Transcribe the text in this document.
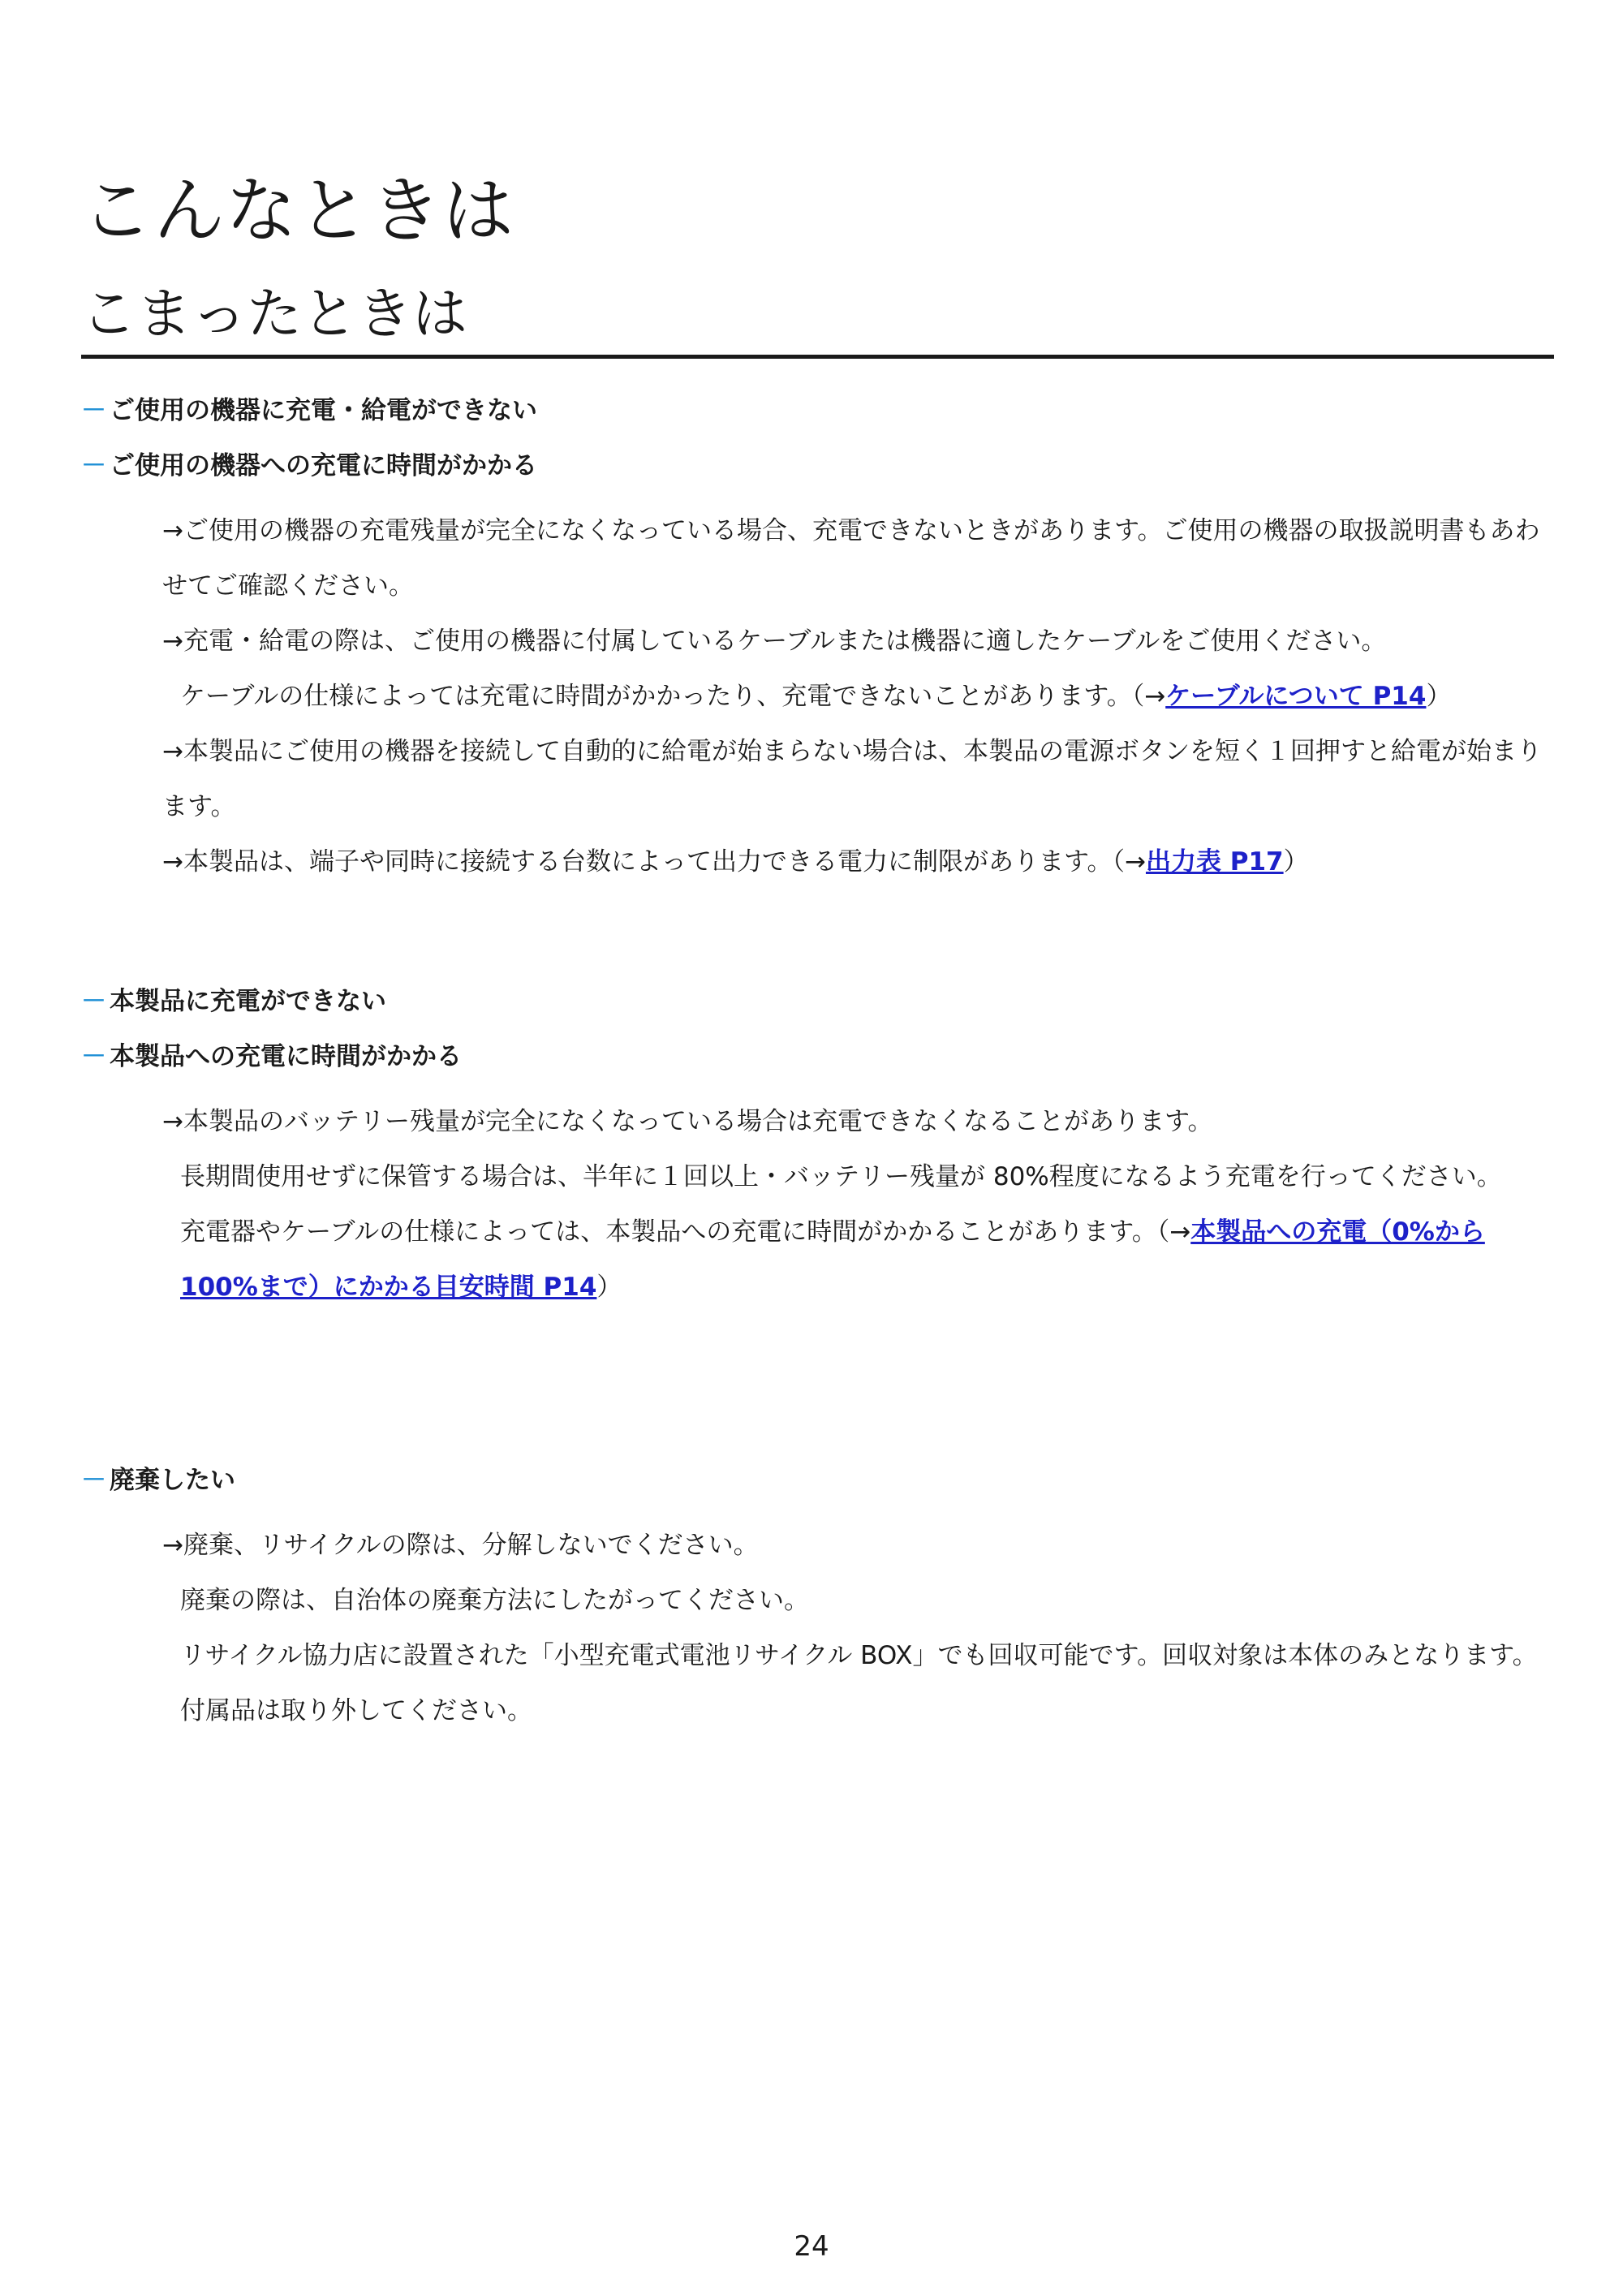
こんなときは
こまったときは

－ ご使用の機器に充電・給電ができない

－ ご使用の機器への充電に時間がかかる

→ご使用の機器の充電残量が完全になくなっている場合、充電できないときがあります。ご使用の機器の取扱説明書もあわせてご確認ください。

→充電・給電の際は、ご使用の機器に付属しているケーブルまたは機器に適したケーブルをご使用ください。

ケーブルの仕様によっては充電に時間がかかったり、充電できないことがあります。（→ケーブルについて P14）

→本製品にご使用の機器を接続して自動的に給電が始まらない場合は、本製品の電源ボタンを短く１回押すと給電が始まります。

→本製品は、端子や同時に接続する台数によって出力できる電力に制限があります。（→出力表 P17）

－ 本製品に充電ができない

－ 本製品への充電に時間がかかる

→本製品のバッテリー残量が完全になくなっている場合は充電できなくなることがあります。

長期間使用せずに保管する場合は、半年に１回以上・バッテリー残量が 80%程度になるよう充電を行ってください。

充電器やケーブルの仕様によっては、本製品への充電に時間がかかることがあります。（→本製品への充電（0%から 100%まで）にかかる目安時間 P14）

－ 廃棄したい

→廃棄、リサイクルの際は、分解しないでください。

廃棄の際は、自治体の廃棄方法にしたがってください。

リサイクル協力店に設置された「小型充電式電池リサイクル BOX」でも回収可能です。回収対象は本体のみとなります。付属品は取り外してください。

24
